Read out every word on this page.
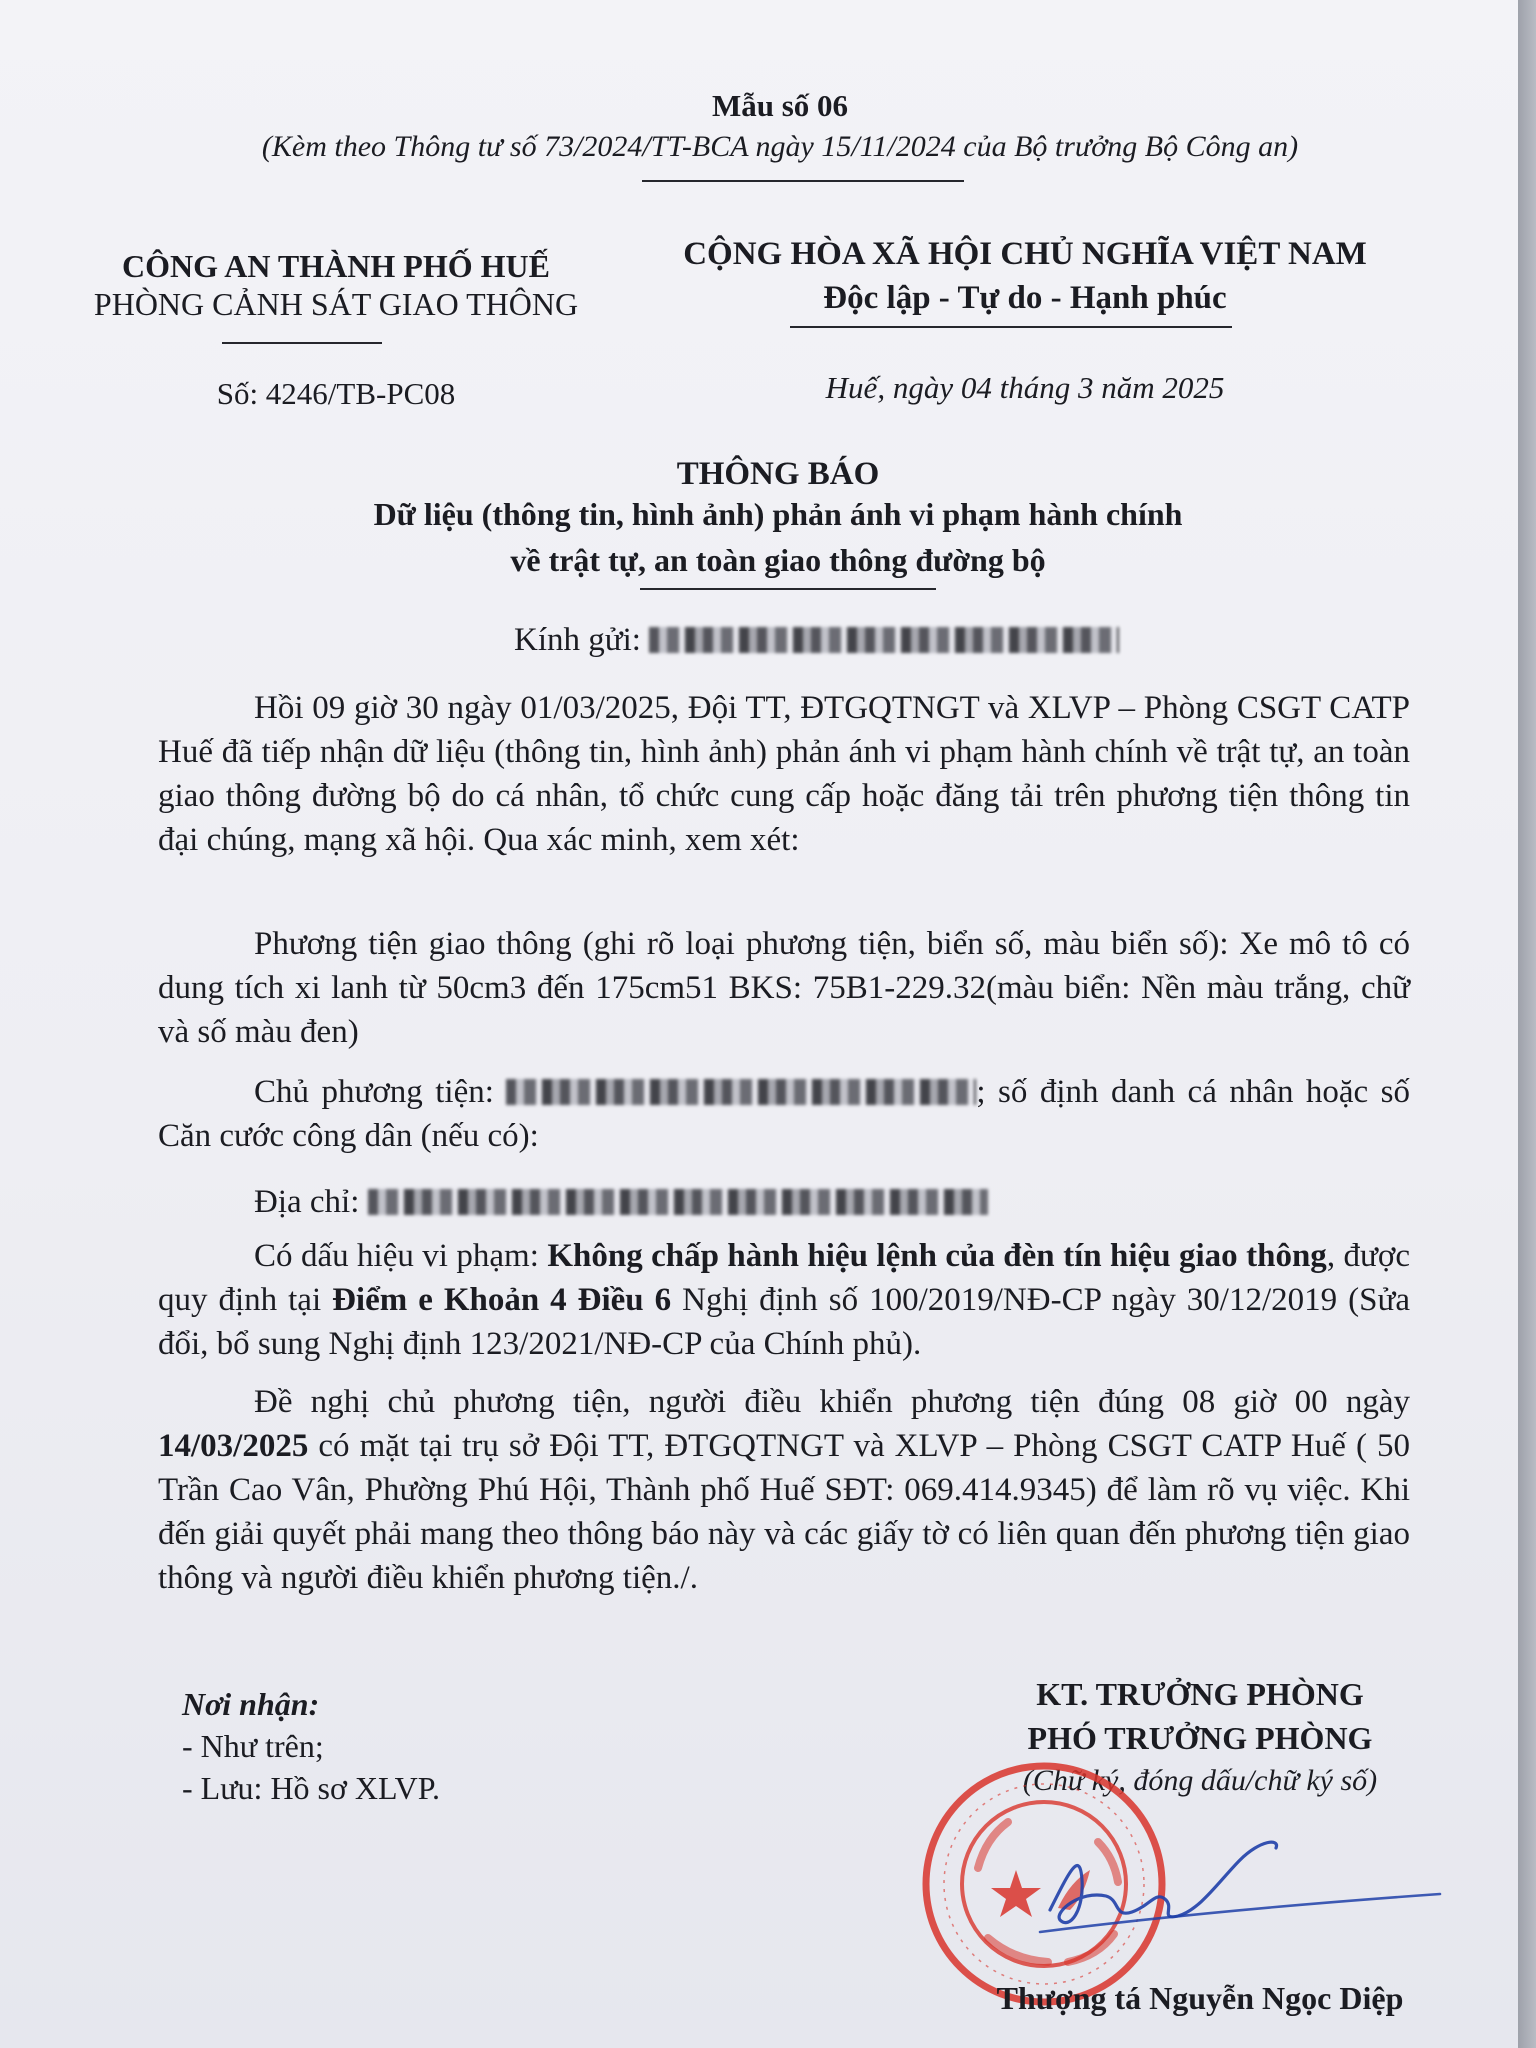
Mẫu số 06
(Kèm theo Thông tư số 73/2024/TT-BCA ngày 15/11/2024 của Bộ trưởng Bộ Công an)
CÔNG AN THÀNH PHỐ HUẾ
PHÒNG CẢNH SÁT GIAO THÔNG
Số: 4246/TB-PC08
CỘNG HÒA XÃ HỘI CHỦ NGHĨA VIỆT NAM
Độc lập - Tự do - Hạnh phúc
Huế, ngày 04 tháng 3 năm 2025
THÔNG BÁO
Dữ liệu (thông tin, hình ảnh) phản ánh vi phạm hành chính
về trật tự, an toàn giao thông đường bộ
Kính gửi:
Hồi 09 giờ 30 ngày 01/03/2025, Đội TT, ĐTGQTNGT và XLVP – Phòng CSGT CATP Huế đã tiếp nhận dữ liệu (thông tin, hình ảnh) phản ánh vi phạm hành chính về trật tự, an toàn giao thông đường bộ do cá nhân, tổ chức cung cấp hoặc đăng tải trên phương tiện thông tin đại chúng, mạng xã hội. Qua xác minh, xem xét:
Phương tiện giao thông (ghi rõ loại phương tiện, biển số, màu biển số): Xe mô tô có dung tích xi lanh từ 50cm3 đến 175cm51 BKS: 75B1-229.32(màu biển: Nền màu trắng, chữ và số màu đen)
Chủ phương tiện:	; số định danh cá nhân hoặc số Căn cước công dân (nếu có):
Địa chỉ:
Có dấu hiệu vi phạm: Không chấp hành hiệu lệnh của đèn tín hiệu giao thông, được quy định tại Điểm e Khoản 4 Điều 6 Nghị định số 100/2019/NĐ-CP ngày 30/12/2019 (Sửa đổi, bổ sung Nghị định 123/2021/NĐ-CP của Chính phủ).
Đề nghị chủ phương tiện, người điều khiển phương tiện đúng 08 giờ 00 ngày 14/03/2025 có mặt tại trụ sở Đội TT, ĐTGQTNGT và XLVP – Phòng CSGT CATP Huế ( 50 Trần Cao Vân, Phường Phú Hội, Thành phố Huế SĐT: 069.414.9345) để làm rõ vụ việc. Khi đến giải quyết phải mang theo thông báo này và các giấy tờ có liên quan đến phương tiện giao thông và người điều khiển phương tiện./.
Nơi nhận:
- Như trên;
- Lưu: Hồ sơ XLVP.
KT. TRƯỞNG PHÒNG
PHÓ TRƯỞNG PHÒNG
(Chữ ký, đóng dấu/chữ ký số)
Thượng tá Nguyễn Ngọc Diệp
